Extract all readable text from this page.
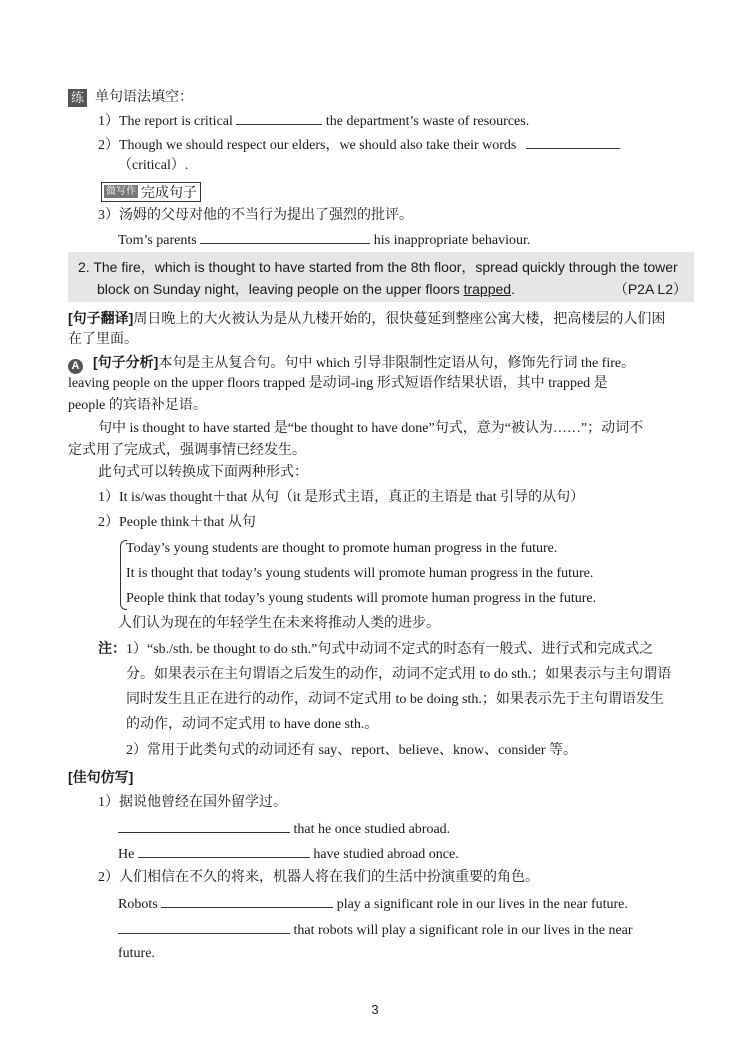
练 单句语法填空：
1）The report is critical	the department’s waste of resources.
2）Though we should respect our elders，we should also take their words
（critical）.
微写作 完成句子
3）汤姆的父母对他的不当行为提出了强烈的批评。
Tom’s parents	his inappropriate behaviour.
2. The fire，which is thought to have started from the 8th floor，spread quickly through the tower
block on Sunday night，leaving people on the upper floors trapped.	（P2A L2）
[句子翻译]周日晚上的大火被认为是从九楼开始的，很快蔓延到整座公寓大楼，把高楼层的人们困
在了里面。
A [句子分析]本句是主从复合句。句中 which 引导非限制性定语从句，修饰先行词 the fire。
leaving people on the upper floors trapped 是动词-ing 形式短语作结果状语，其中 trapped 是
people 的宾语补足语。
句中 is thought to have started 是“be thought to have done”句式，意为“被认为……”；动词不
定式用了完成式，强调事情已经发生。
此句式可以转换成下面两种形式：
1）It is/was thought＋that 从句（it 是形式主语，真正的主语是 that 引导的从句）
2）People think＋that 从句
Today’s young students are thought to promote human progress in the future.
It is thought that today’s young students will promote human progress in the future.
People think that today’s young students will promote human progress in the future.
人们认为现在的年轻学生在未来将推动人类的进步。
注：1）“sb./sth. be thought to do sth.”句式中动词不定式的时态有一般式、进行式和完成式之
分。如果表示在主句谓语之后发生的动作，动词不定式用 to do sth.；如果表示与主句谓语
同时发生且正在进行的动作，动词不定式用 to be doing sth.；如果表示先于主句谓语发生
的动作，动词不定式用 to have done sth.。
2）常用于此类句式的动词还有 say、report、believe、know、consider 等。
[佳句仿写]
1）据说他曾经在国外留学过。
that he once studied abroad.
He	have studied abroad once.
2）人们相信在不久的将来，机器人将在我们的生活中扮演重要的角色。
Robots	play a significant role in our lives in the near future.
that robots will play a significant role in our lives in the near
future.
3
